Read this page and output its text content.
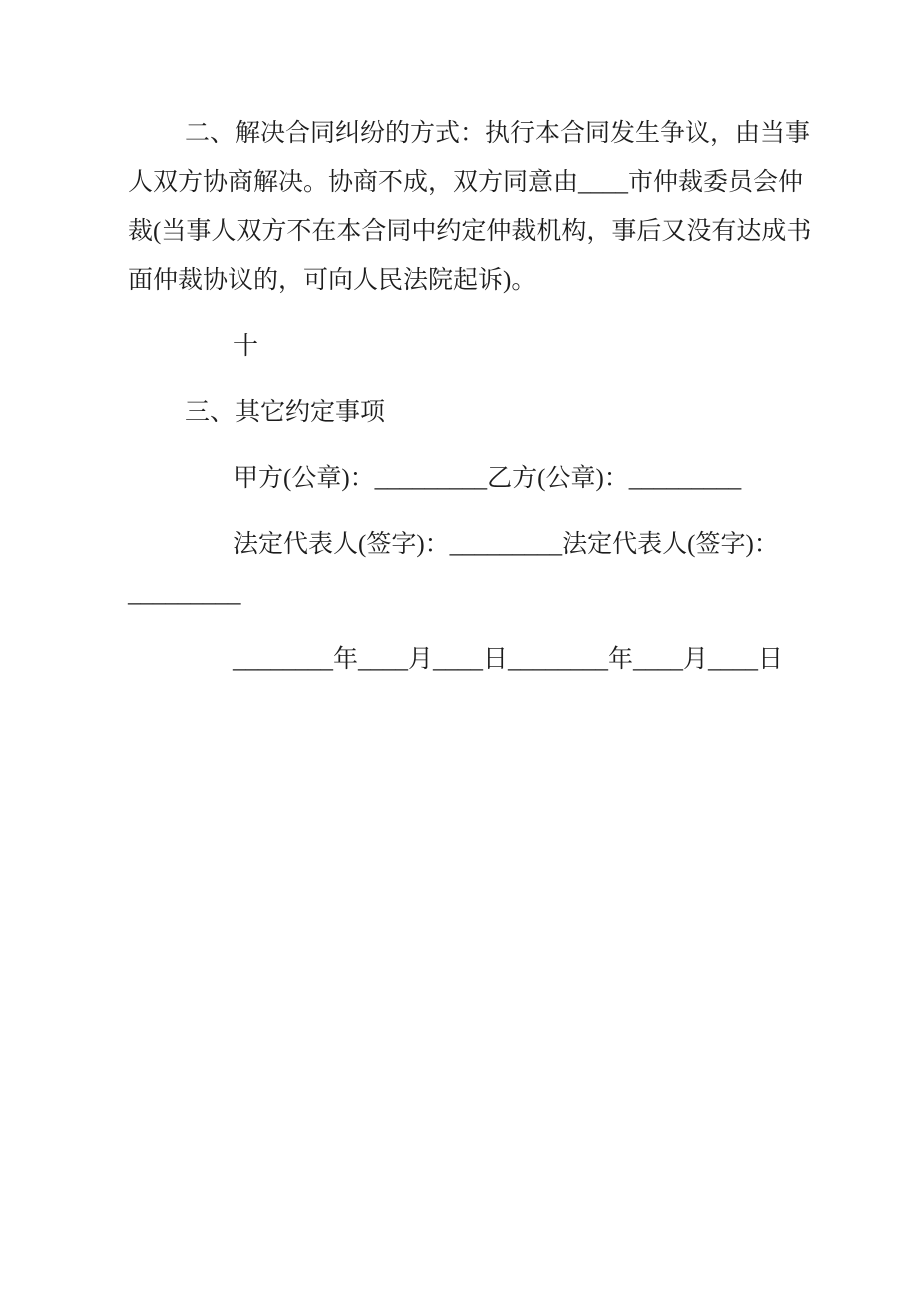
二、解决合同纠纷的方式：执行本合同发生争议，由当事
人双方协商解决。协商不成，双方同意由____市仲裁委员会仲
裁(当事人双方不在本合同中约定仲裁机构，事后又没有达成书
面仲裁协议的，可向人民法院起诉)。
十
三、其它约定事项
甲方(公章)：_________乙方(公章)：_________
法定代表人(签字)：_________法定代表人(签字)：
_________
________年____月____日________年____月____日
